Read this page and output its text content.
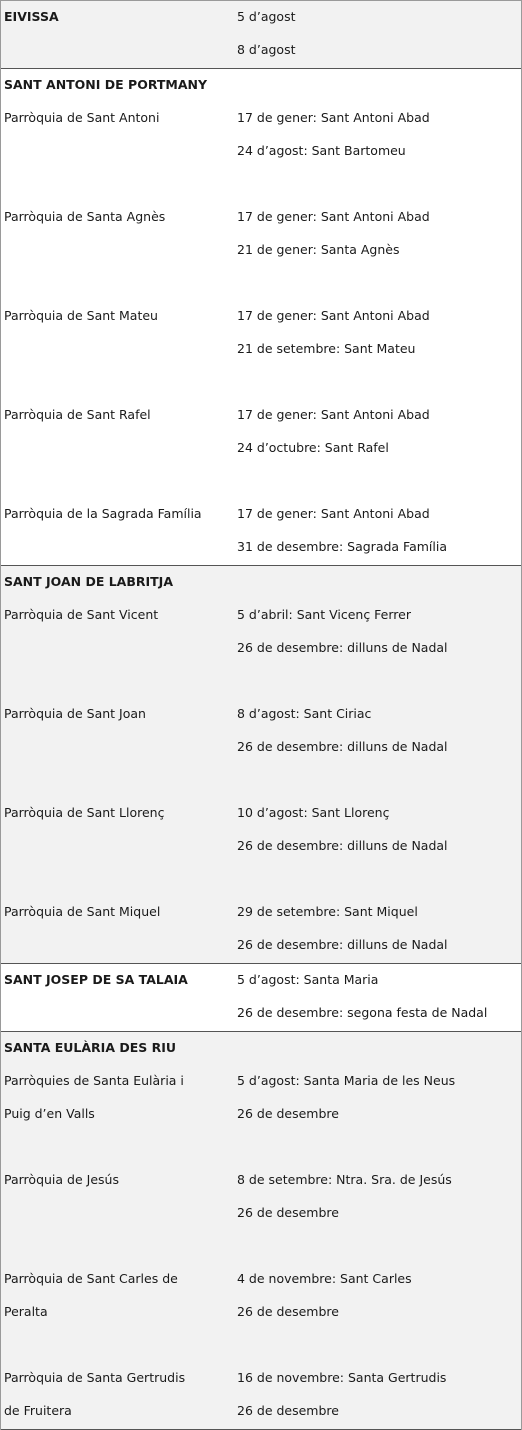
EIVISSA	5 d’agost
8 d’agost
SANT ANTONI DE PORTMANY
Parròquia de Sant Antoni	17 de gener: Sant Antoni Abad
24 d’agost: Sant Bartomeu
Parròquia de Santa Agnès	17 de gener: Sant Antoni Abad
21 de gener: Santa Agnès
Parròquia de Sant Mateu	17 de gener: Sant Antoni Abad
21 de setembre: Sant Mateu
Parròquia de Sant Rafel	17 de gener: Sant Antoni Abad
24 d’octubre: Sant Rafel
Parròquia de la Sagrada Família	17 de gener: Sant Antoni Abad
31 de desembre: Sagrada Família
SANT JOAN DE LABRITJA
Parròquia de Sant Vicent	5 d’abril: Sant Vicenç Ferrer
26 de desembre: dilluns de Nadal
Parròquia de Sant Joan	8 d’agost: Sant Ciriac
26 de desembre: dilluns de Nadal
Parròquia de Sant Llorenç	10 d’agost: Sant Llorenç
26 de desembre: dilluns de Nadal
Parròquia de Sant Miquel	29 de setembre: Sant Miquel
26 de desembre: dilluns de Nadal
SANT JOSEP DE SA TALAIA	5 d’agost: Santa Maria
26 de desembre: segona festa de Nadal
SANTA EULÀRIA DES RIU
Parròquies de Santa Eulària i	5 d’agost: Santa Maria de les Neus
Puig d’en Valls	26 de desembre
Parròquia de Jesús	8 de setembre: Ntra. Sra. de Jesús
26 de desembre
Parròquia de Sant Carles de	4 de novembre: Sant Carles
Peralta	26 de desembre
Parròquia de Santa Gertrudis	16 de novembre: Santa Gertrudis
de Fruitera	26 de desembre
